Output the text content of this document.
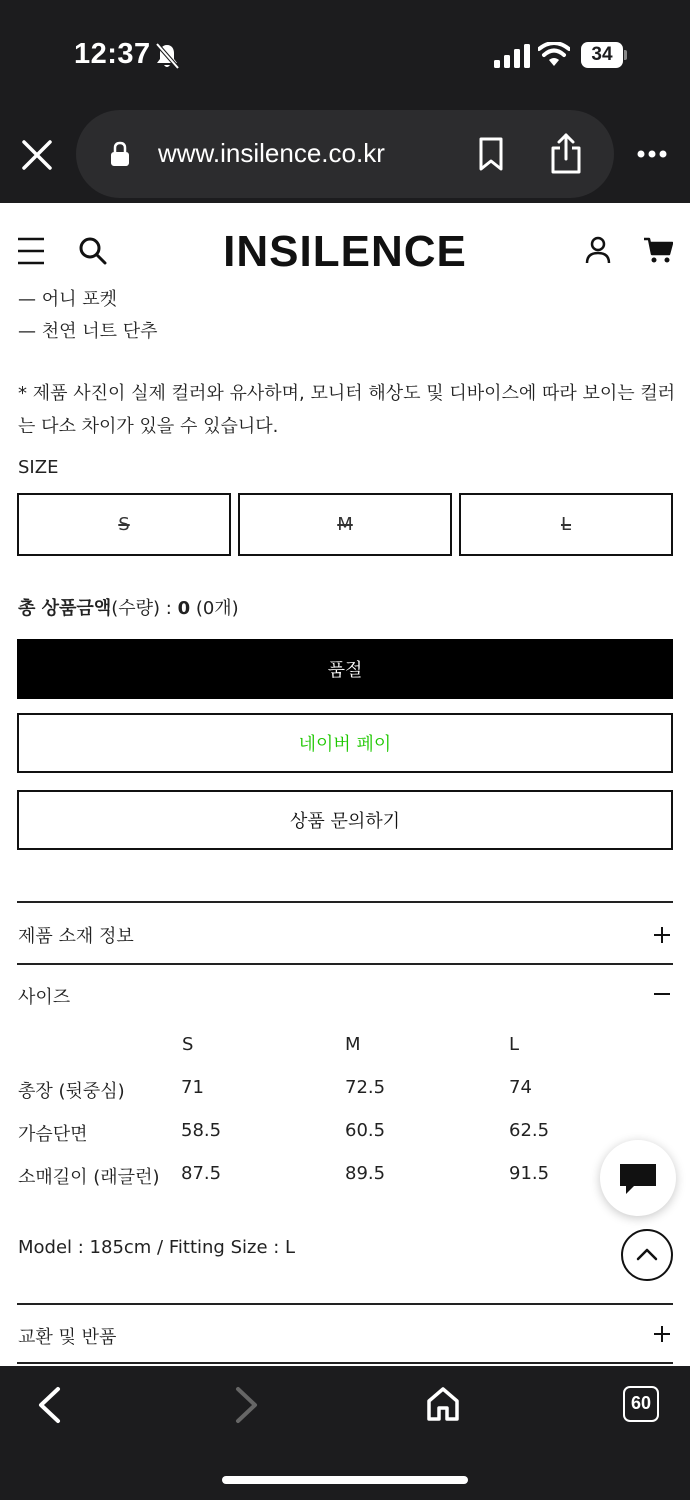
12:37	34
www.insilence.co.kr
INSILENCE
— 어니 포켓
— 천연 너트 단추

* 제품 사진이 실제 컬러와 유사하며, 모니터 해상도 및 디바이스에 따라 보이는 컬러는 다소 차이가 있을 수 있습니다.

SIZE
S	M	L
총 상품금액(수량) : 0 (0개)
품절
네이버 페이
상품 문의하기
제품 소재 정보
사이즈
S	M	L
총장 (뒷중심)	71	72.5	74
가슴단면	58.5	60.5	62.5
소매길이 (래글런) 87.5	89.5	91.5
Model : 185cm / Fitting Size : L
교환 및 반품
60
